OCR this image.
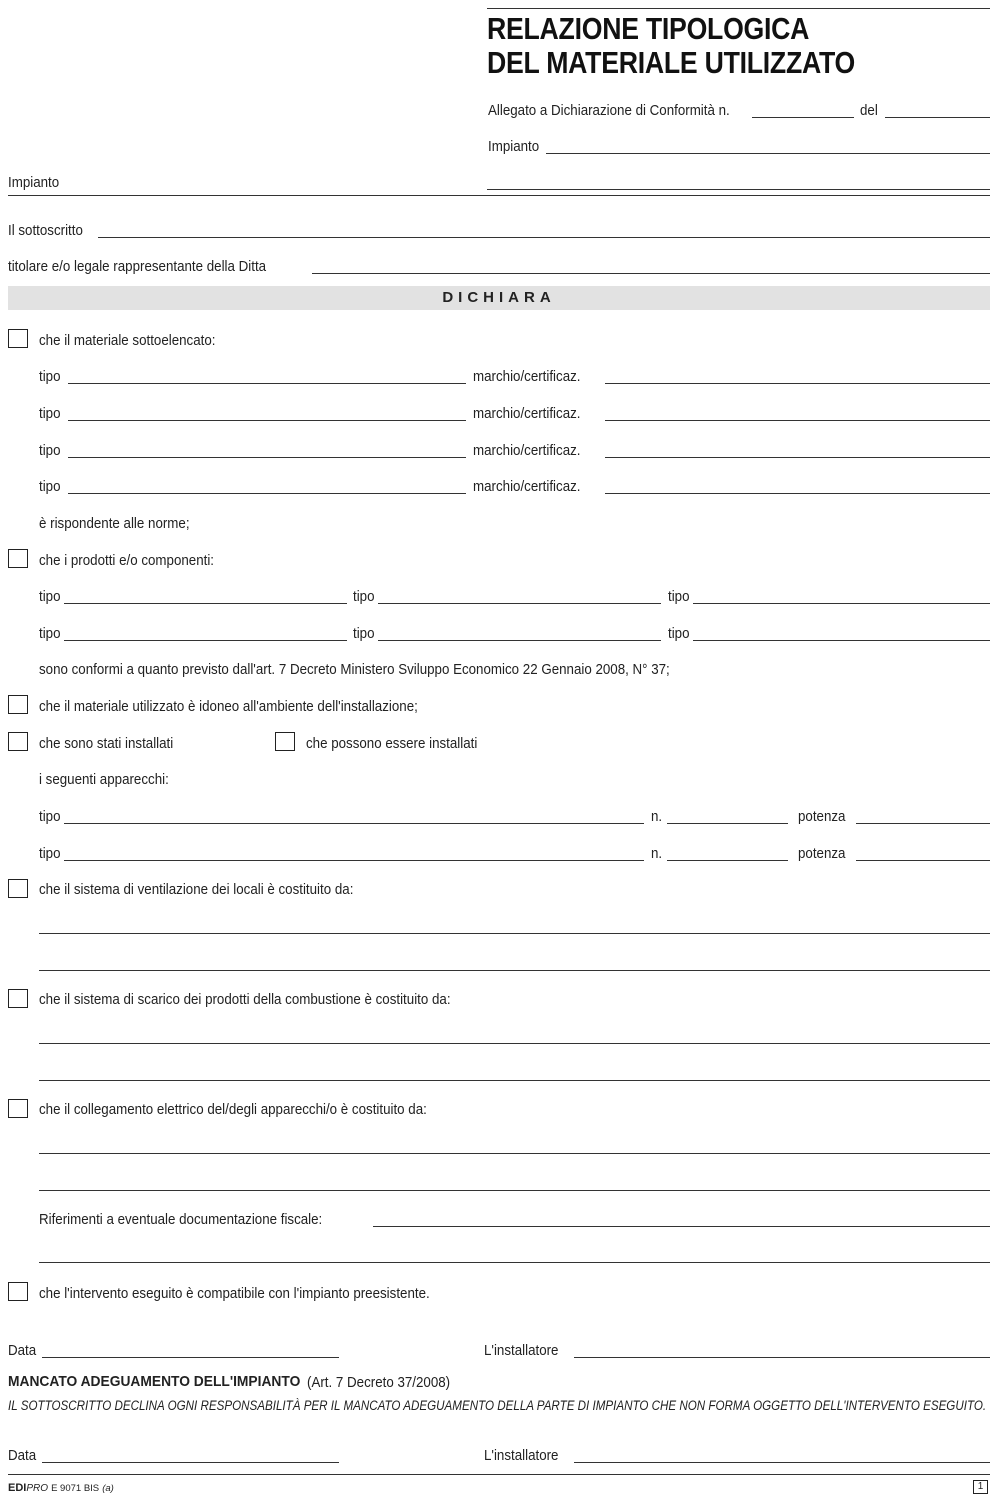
RELAZIONE TIPOLOGICA
DEL MATERIALE UTILIZZATO
Allegato a Dichiarazione di Conformità n.	del
Impianto
Impianto
Il sottoscritto
titolare e/o legale rappresentante della Ditta
DICHIARA
che il materiale sottoelencato:
tipo	marchio/certificaz.
tipo	marchio/certificaz.
tipo	marchio/certificaz.
tipo	marchio/certificaz.
è rispondente alle norme;
che i prodotti e/o componenti:
tipo	tipo	tipo
tipo	tipo	tipo
sono conformi a quanto previsto dall'art. 7 Decreto Ministero Sviluppo Economico 22 Gennaio 2008, N° 37;
che il materiale utilizzato è idoneo all'ambiente dell'installazione;
che sono stati installati	che possono essere installati
i seguenti apparecchi:
tipo	n.	potenza
tipo	n.	potenza
che il sistema di ventilazione dei locali è costituito da:
che il sistema di scarico dei prodotti della combustione è costituito da:
che il collegamento elettrico del/degli apparecchi/o è costituito da:
Riferimenti a eventuale documentazione fiscale:
che l'intervento eseguito è compatibile con l'impianto preesistente.
Data	L'installatore
MANCATO ADEGUAMENTO DELL'IMPIANTO (Art. 7 Decreto 37/2008)
IL SOTTOSCRITTO DECLINA OGNI RESPONSABILITÀ PER IL MANCATO ADEGUAMENTO DELLA PARTE DI IMPIANTO CHE NON FORMA OGGETTO DELL'INTERVENTO ESEGUITO.
Data	L'installatore
EDIPRO E 9071 BIS (a)	1
